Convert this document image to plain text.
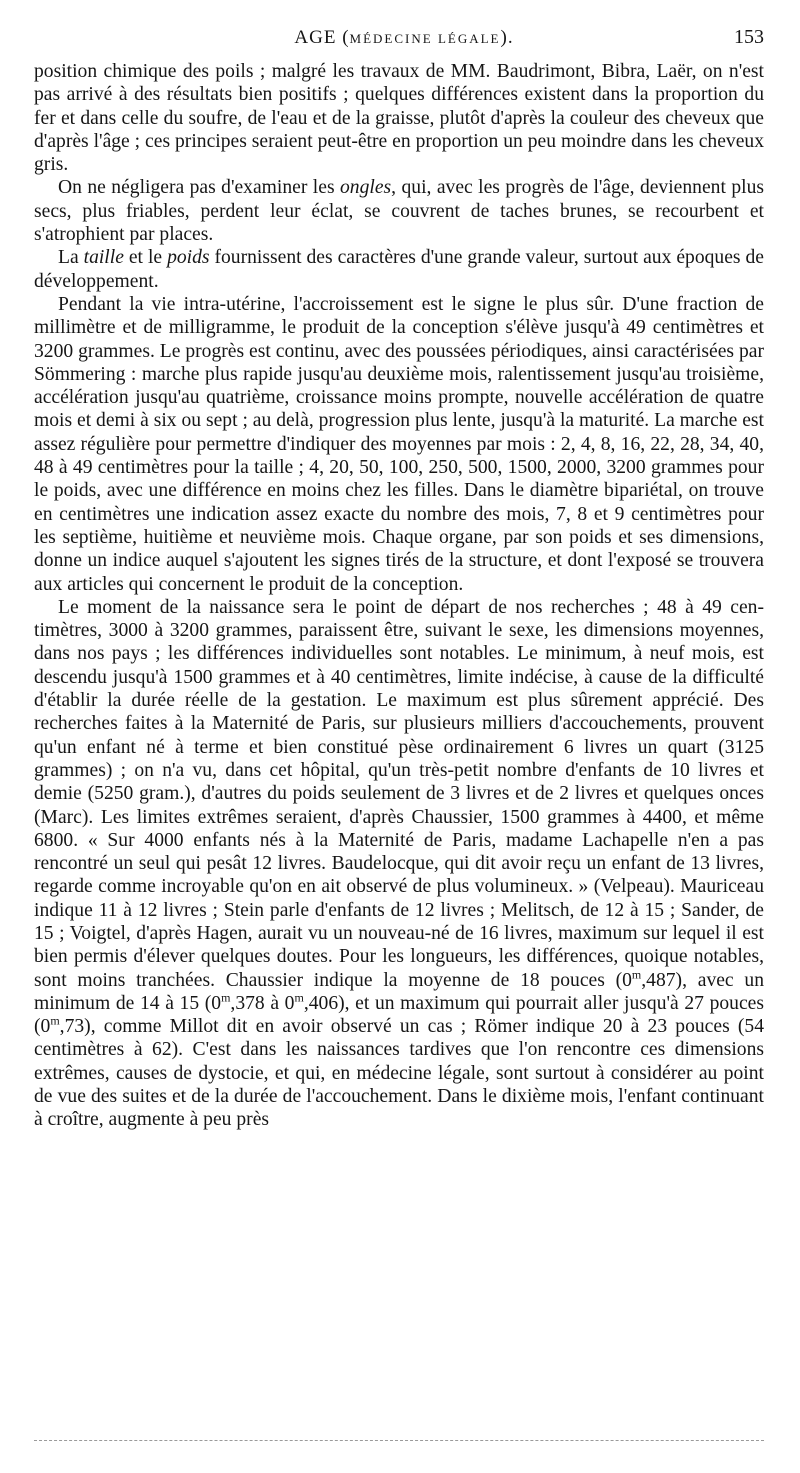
AGE (MÉDECINE LÉGALE).	153

position chimique des poils ; malgré les travaux de MM. Baudrimont, Bibra, Laër, on n'est pas arrivé à des résultats bien positifs ; quelques différences existent dans la proportion du fer et dans celle du soufre, de l'eau et de la graisse, plutôt d'après la couleur des cheveux que d'après l'âge ; ces principes seraient peut-être en proportion un peu moindre dans les cheveux gris.

On ne négligera pas d'examiner les ongles, qui, avec les progrès de l'âge, deviennent plus secs, plus friables, perdent leur éclat, se couvrent de taches brunes, se recourbent et s'atrophient par places.

La taille et le poids fournissent des caractères d'une grande valeur, surtout aux époques de développement.

Pendant la vie intra-utérine, l'accroissement est le signe le plus sûr. D'une fraction de millimètre et de milligramme, le produit de la conception s'élève jusqu'à 49 centimètres et 3200 grammes. Le progrès est continu, avec des poussées périodiques, ainsi caractérisées par Sömmering : marche plus rapide jusqu'au deuxième mois, ralentissement jusqu'au troisième, accélération jusqu'au quatrième, croissance moins prompte, nouvelle accélération de quatre mois et demi à six ou sept ; au delà, progression plus lente, jusqu'à la maturité. La marche est assez régulière pour permettre d'indiquer des moyennes par mois : 2, 4, 8, 16, 22, 28, 34, 40, 48 à 49 centimètres pour la taille ; 4, 20, 50, 100, 250, 500, 1500, 2000, 3200 grammes pour le poids, avec une différence en moins chez les filles. Dans le diamètre bipariétal, on trouve en centimètres une indication assez exacte du nombre des mois, 7, 8 et 9 centimètres pour les septième, huitième et neuvième mois. Chaque organe, par son poids et ses dimensions, donne un indice auquel s'ajoutent les signes tirés de la structure, et dont l'exposé se trouvera aux articles qui concernent le produit de la conception.

Le moment de la naissance sera le point de départ de nos recherches ; 48 à 49 centimètres, 3000 à 3200 grammes, paraissent être, suivant le sexe, les dimensions moyennes, dans nos pays ; les différences individuelles sont notables. Le minimum, à neuf mois, est descendu jusqu'à 1500 grammes et à 40 centimètres, limite indécise, à cause de la difficulté d'établir la durée réelle de la gestation. Le maximum est plus sûrement apprécié. Des recherches faites à la Maternité de Paris, sur plusieurs milliers d'accouchements, prouvent qu'un enfant né à terme et bien constitué pèse ordinairement 6 livres un quart (3125 grammes) ; on n'a vu, dans cet hôpital, qu'un très-petit nombre d'enfants de 10 livres et demie (5250 gram.), d'autres du poids seulement de 3 livres et de 2 livres et quelques onces (Marc). Les limites extrêmes seraient, d'après Chaussier, 1500 grammes à 4400, et même 6800. « Sur 4000 enfants nés à la Maternité de Paris, madame Lachapelle n'en a pas rencontré un seul qui pesât 12 livres. Baudelocque, qui dit avoir reçu un enfant de 13 livres, regarde comme incroyable qu'on en ait observé de plus volumineux. » (Velpeau). Mauriceau indique 11 à 12 livres ; Stein parle d'enfants de 12 livres ; Melitsch, de 12 à 15 ; Sander, de 15 ; Voigtel, d'après Hagen, aurait vu un nouveau-né de 16 livres, maximum sur lequel il est bien permis d'élever quelques doutes. Pour les longueurs, les différences, quoique notables, sont moins tranchées. Chaussier indique la moyenne de 18 pouces (0$^m$,487), avec un minimum de 14 à 15 (0$^m$,378 à 0$^m$,406), et un maximum qui pourrait aller jusqu'à 27 pouces (0$^m$,73), comme Millot dit en avoir observé un cas ; Römer indique 20 à 23 pouces (54 centimètres à 62). C'est dans les naissances tardives que l'on rencontre ces dimensions extrêmes, causes de dystocie, et qui, en médecine légale, sont surtout à considérer au point de vue des suites et de la durée de l'accouchement. Dans le dixième mois, l'enfant continuant à croître, augmente à peu près
